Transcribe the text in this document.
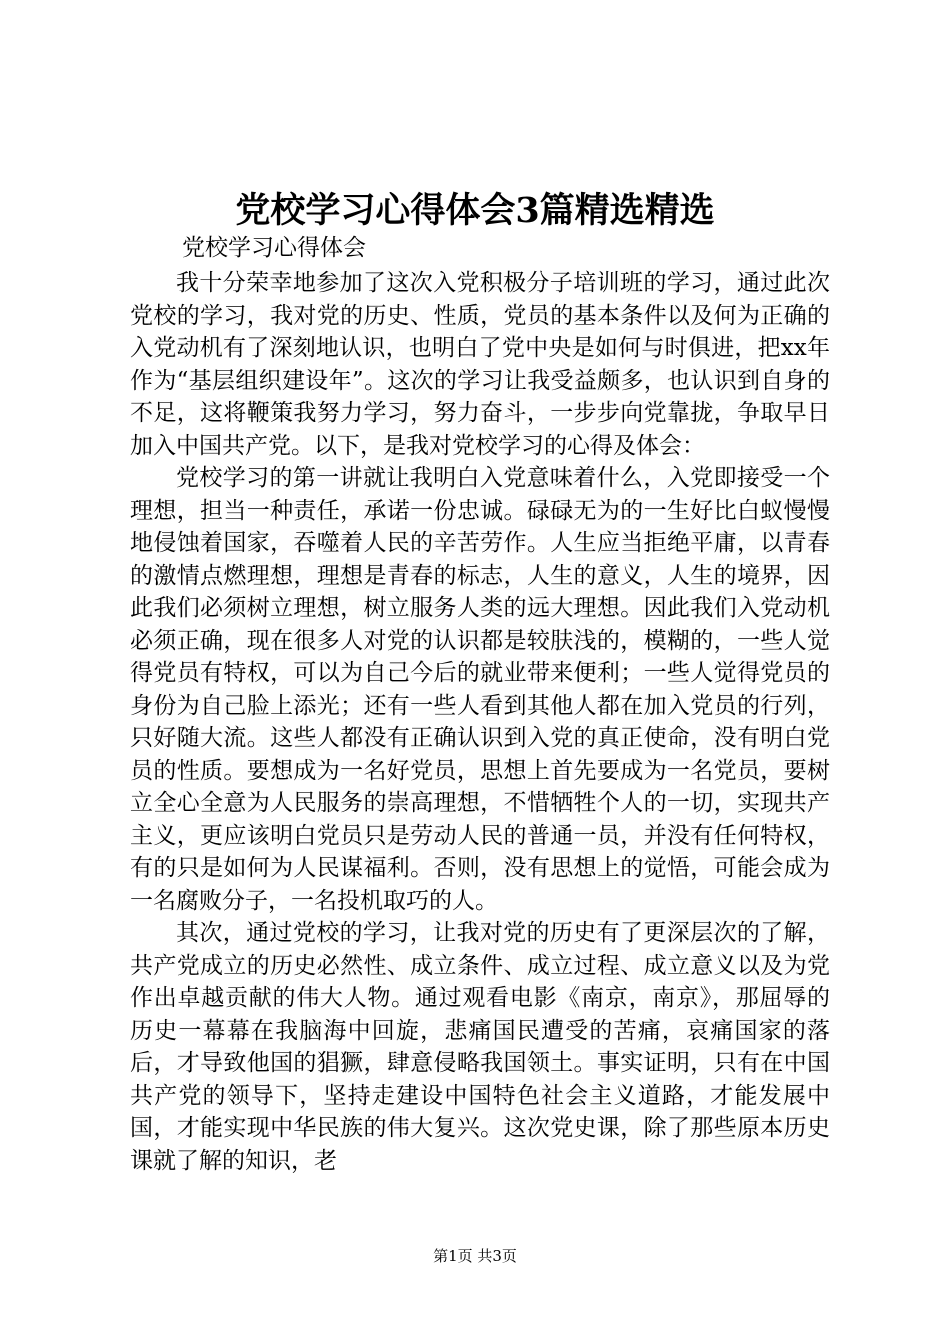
党校学习心得体会3篇精选精选
党校学习心得体会

我十分荣幸地参加了这次入党积极分子培训班的学习，通过此次党校的学习，我对党的历史、性质，党员的基本条件以及何为正确的入党动机有了深刻地认识，也明白了党中央是如何与时俱进，把xx年作为“基层组织建设年”。这次的学习让我受益颇多，也认识到自身的不足，这将鞭策我努力学习，努力奋斗，一步步向党靠拢，争取早日加入中国共产党。以下，是我对党校学习的心得及体会：

党校学习的第一讲就让我明白入党意味着什么，入党即接受一个理想，担当一种责任，承诺一份忠诚。碌碌无为的一生好比白蚁慢慢地侵蚀着国家，吞噬着人民的辛苦劳作。人生应当拒绝平庸，以青春的激情点燃理想，理想是青春的标志，人生的意义，人生的境界，因此我们必须树立理想，树立服务人类的远大理想。因此我们入党动机必须正确，现在很多人对党的认识都是较肤浅的，模糊的，一些人觉得党员有特权，可以为自己今后的就业带来便利；一些人觉得党员的身份为自己脸上添光；还有一些人看到其他人都在加入党员的行列，只好随大流。这些人都没有正确认识到入党的真正使命，没有明白党员的性质。要想成为一名好党员，思想上首先要成为一名党员，要树立全心全意为人民服务的崇高理想，不惜牺牲个人的一切，实现共产主义，更应该明白党员只是劳动人民的普通一员，并没有任何特权，有的只是如何为人民谋福利。否则，没有思想上的觉悟，可能会成为一名腐败分子，一名投机取巧的人。

其次，通过党校的学习，让我对党的历史有了更深层次的了解，共产党成立的历史必然性、成立条件、成立过程、成立意义以及为党作出卓越贡献的伟大人物。通过观看电影《南京，南京》，那屈辱的历史一幕幕在我脑海中回旋，悲痛国民遭受的苦痛，哀痛国家的落后，才导致他国的猖獗，肆意侵略我国领土。事实证明，只有在中国共产党的领导下，坚持走建设中国特色社会主义道路，才能发展中国，才能实现中华民族的伟大复兴。这次党史课，除了那些原本历史课就了解的知识，老

第1页 共3页
